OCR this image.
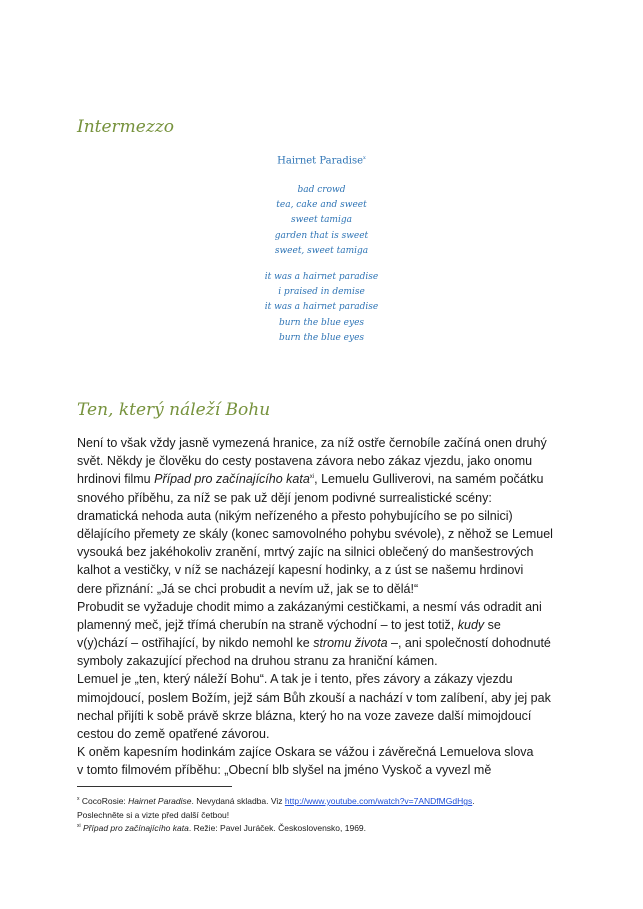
Intermezzo
Hairnet Paradise$^x$
bad crowd
tea, cake and sweet
sweet tamiga
garden that is sweet
sweet, sweet tamiga
it was a hairnet paradise
i praised in demise
it was a hairnet paradise
burn the blue eyes
burn the blue eyes
Ten, který náleží Bohu
Není to však vždy jasně vymezená hranice, za níž ostře černobíle začíná onen druhý
svět. Někdy je člověku do cesty postavena závora nebo zákaz vjezdu, jako onomu
hrdinovi filmu Případ pro začínajícího kata$^{xi}$, Lemuelu Gulliverovi, na samém počátku
snového příběhu, za níž se pak už dějí jenom podivné surrealistické scény:
dramatická nehoda auta (nikým neřízeného a přesto pohybujícího se po silnici)
dělajícího přemety ze skály (konec samovolného pohybu svévole), z něhož se Lemuel
vysouká bez jakéhokoliv zranění, mrtvý zajíc na silnici oblečený do manšestrových
kalhot a vestičky, v níž se nacházejí kapesní hodinky, a z úst se našemu hrdinovi
dere přiznání: „Já se chci probudit a nevím už, jak se to dělá!“
Probudit se vyžaduje chodit mimo a zakázanými cestičkami, a nesmí vás odradit ani
plamenný meč, jejž třímá cherubín na straně východní – to jest totiž, kudy se
v(y)chází – ostřihající, by nikdo nemohl ke stromu života –, ani společností dohodnuté
symboly zakazující přechod na druhou stranu za hraniční kámen.
Lemuel je „ten, který náleží Bohu“. A tak je i tento, přes závory a zákazy vjezdu
mimojdoucí, poslem Božím, jejž sám Bůh zkouší a nachází v tom zalíbení, aby jej pak
nechal přijíti k sobě právě skrze blázna, který ho na voze zaveze další mimojdoucí
cestou do země opatřené závorou.
K oněm kapesním hodinkám zajíce Oskara se vážou i závěrečná Lemuelova slova
v tomto filmovém příběhu: „Obecní blb slyšel na jméno Vyskoč a vyvezl mě
$^x$ CocoRosie: Hairnet Paradise. Nevydaná skladba. Viz http://www.youtube.com/watch?v=7ANDfMGdHgs.
Poslechněte si a vizte před další četbou!
$^{xi}$ Případ pro začínajícího kata. Režie: Pavel Juráček. Československo, 1969.
